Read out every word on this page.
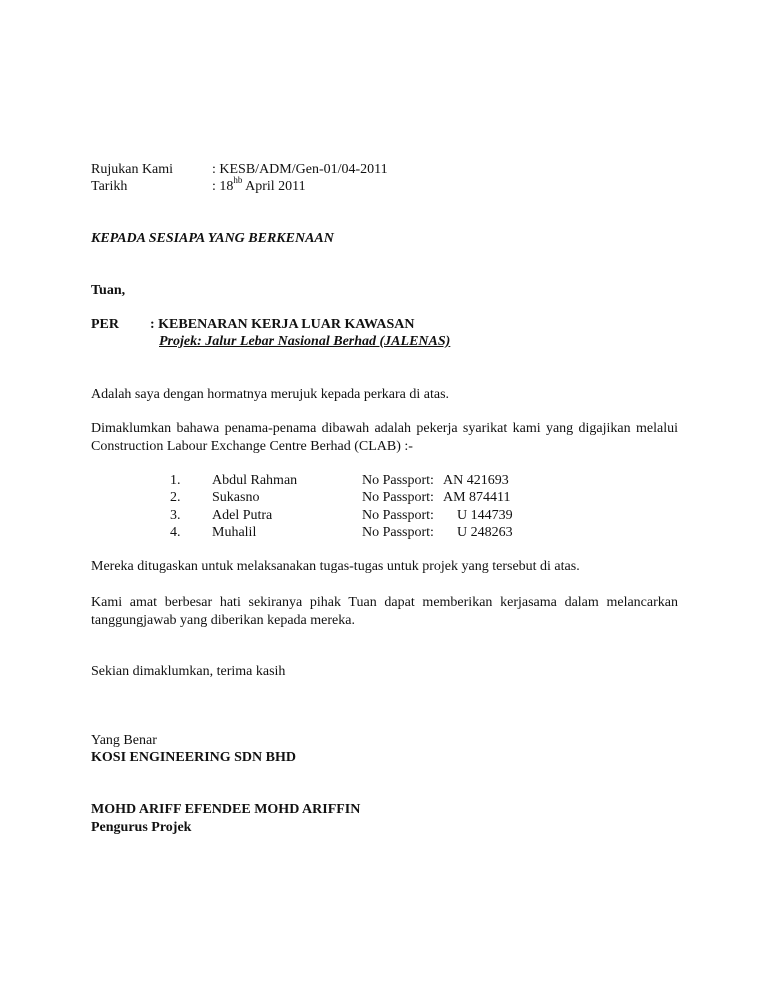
Rujukan Kami	: KESB/ADM/Gen-01/04-2011
Tarikh	: $18^{hb}$ April 2011
KEPADA SESIAPA YANG BERKENAAN
Tuan,
PER : KEBENARAN KERJA LUAR KAWASAN
Projek: Jalur Lebar Nasional Berhad (JALENAS)
Adalah saya dengan hormatnya merujuk kepada perkara di atas.
Dimaklumkan bahawa penama-penama dibawah adalah pekerja syarikat kami yang digajikan melalui Construction Labour Exchange Centre Berhad (CLAB) :-
1. Abdul Rahman	No Passport: AN 421693
2. Sukasno	No Passport: AM 874411
3. Adel Putra	No Passport: U 144739
4. Muhalil	No Passport: U 248263
Mereka ditugaskan untuk melaksanakan tugas-tugas untuk projek yang tersebut di atas.
Kami amat berbesar hati sekiranya pihak Tuan dapat memberikan kerjasama dalam melancarkan tanggungjawab yang diberikan kepada mereka.
Sekian dimaklumkan, terima kasih
Yang Benar
KOSI ENGINEERING SDN BHD
MOHD ARIFF EFENDEE MOHD ARIFFIN
Pengurus Projek
